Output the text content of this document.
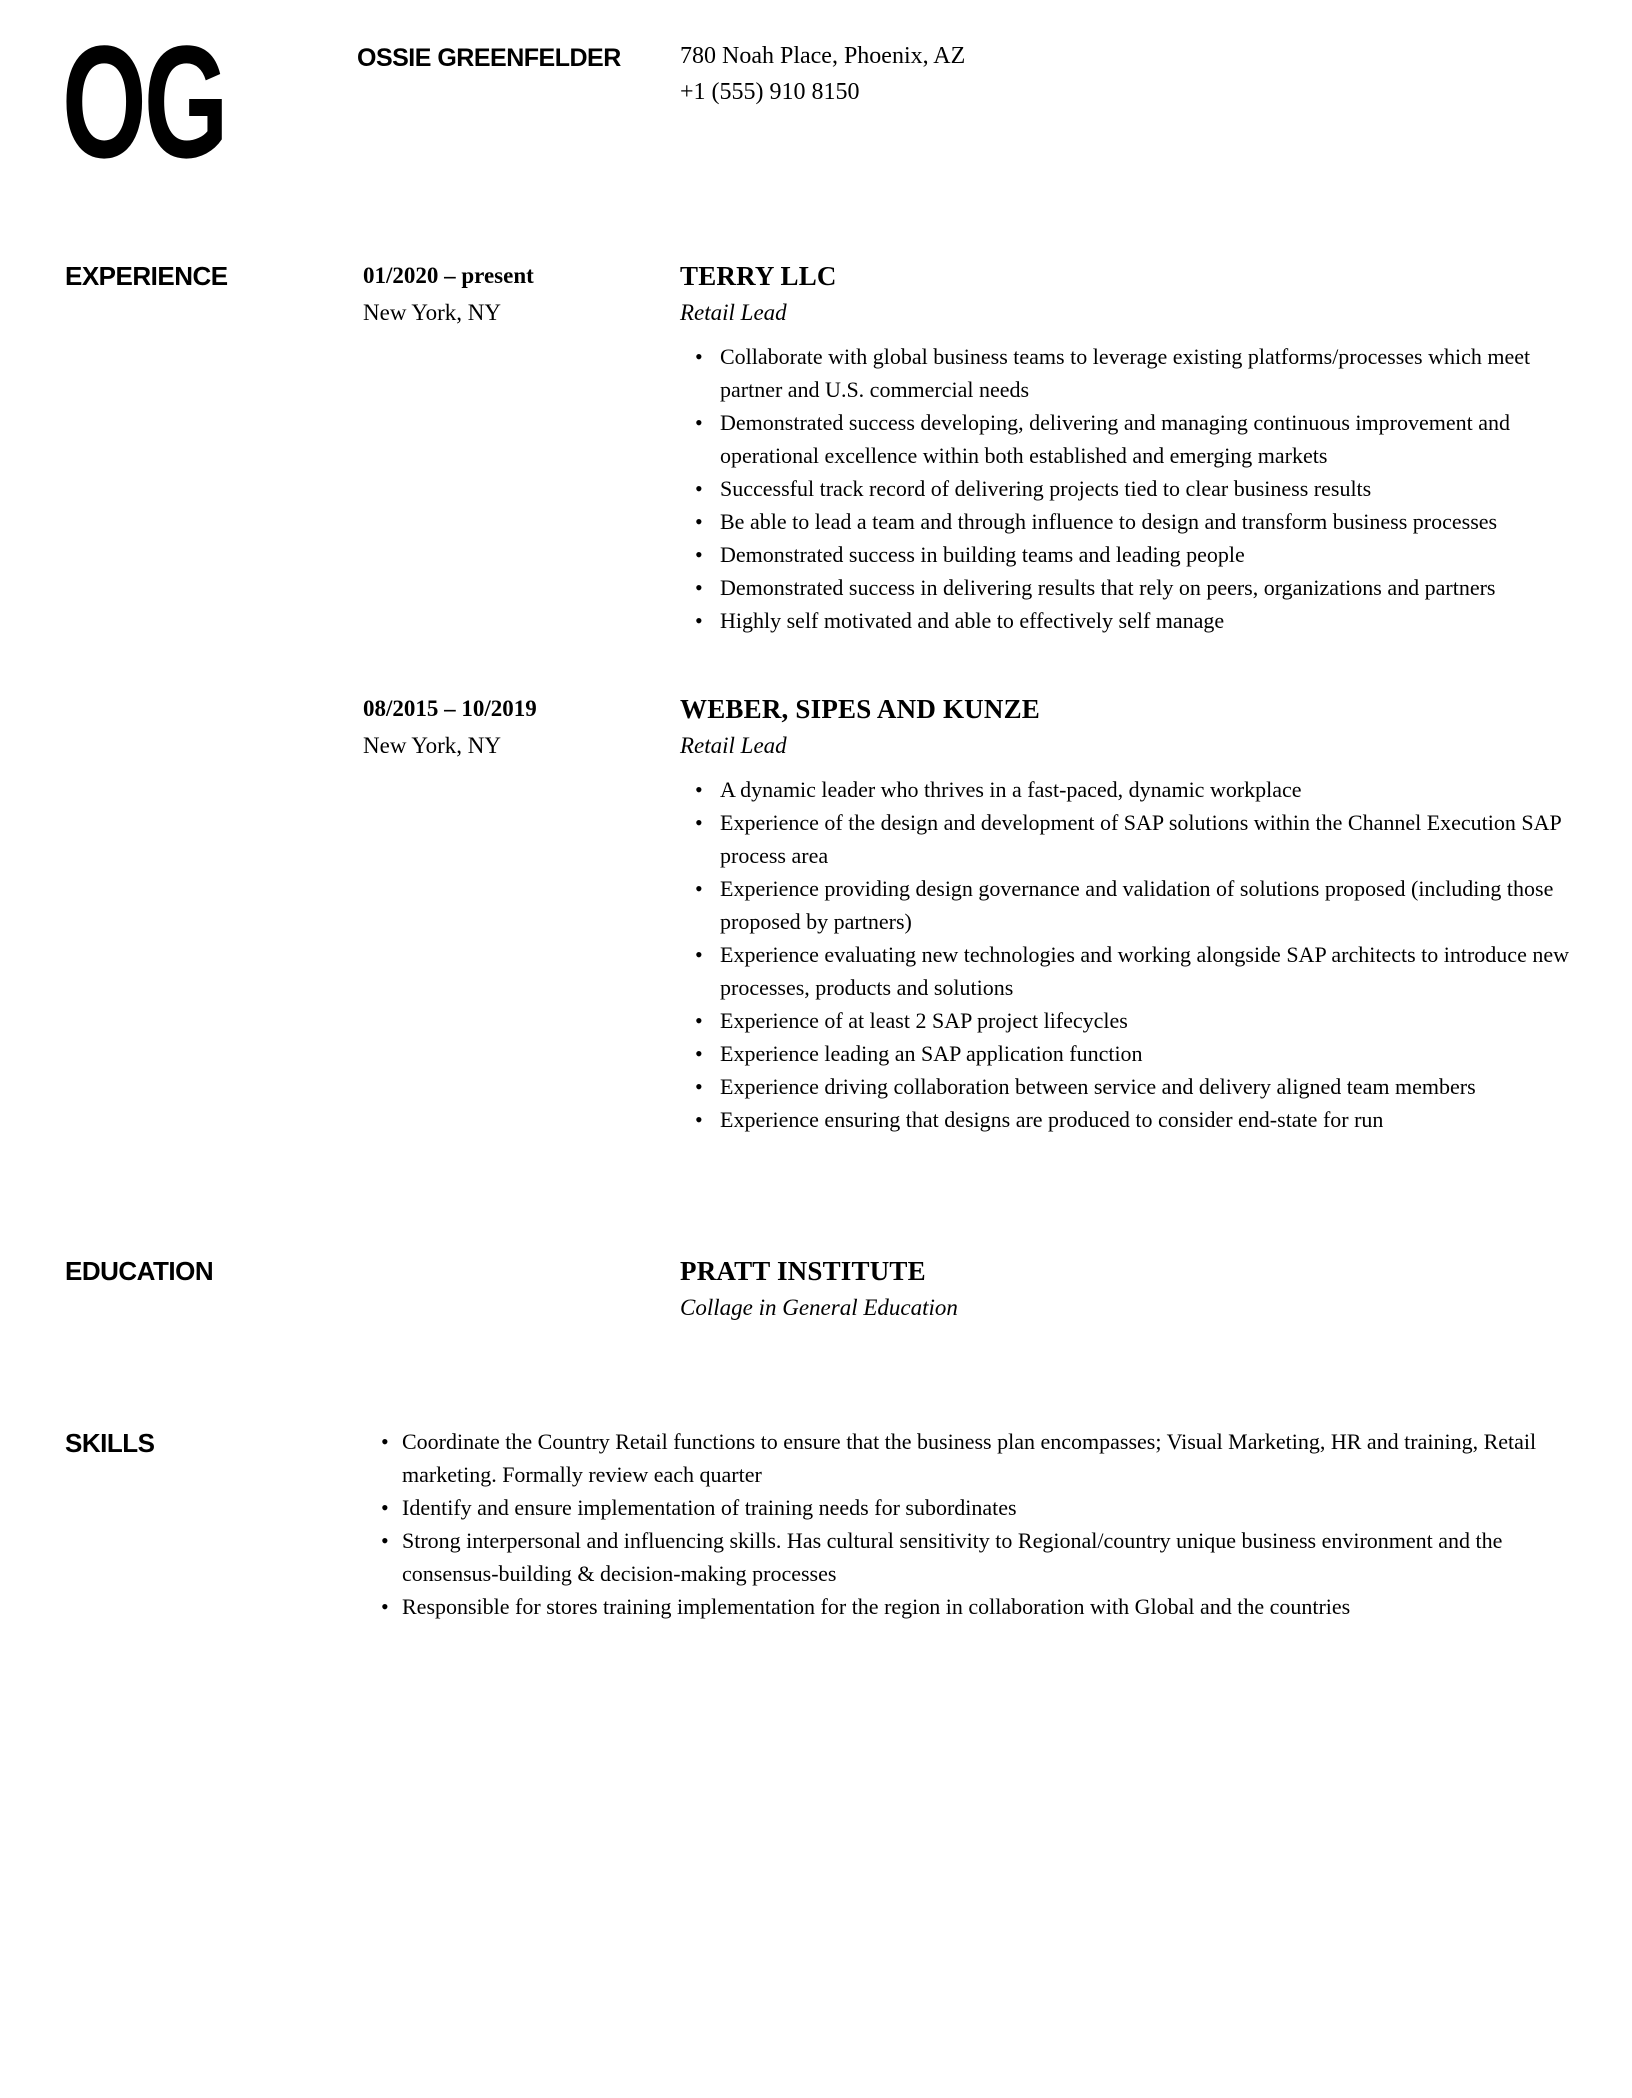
OG	OSSIE GREENFELDER 780 Noah Place, Phoenix, AZ
+1 (555) 910 8150
EXPERIENCE	01/2020 – present
New York, NY
TERRY LLC
Retail Lead
• Collaborate with global business teams to leverage existing platforms/processes which meet partner and U.S. commercial needs
• Demonstrated success developing, delivering and managing continuous improvement and operational excellence within both established and emerging markets
• Successful track record of delivering projects tied to clear business results
• Be able to lead a team and through influence to design and transform business processes
• Demonstrated success in building teams and leading people
• Demonstrated success in delivering results that rely on peers, organizations and partners
• Highly self motivated and able to effectively self manage
08/2015 – 10/2019
New York, NY
WEBER, SIPES AND KUNZE
Retail Lead
• A dynamic leader who thrives in a fast-paced, dynamic workplace
• Experience of the design and development of SAP solutions within the Channel Execution SAP process area
• Experience providing design governance and validation of solutions proposed (including those proposed by partners)
• Experience evaluating new technologies and working alongside SAP architects to introduce new processes, products and solutions
• Experience of at least 2 SAP project lifecycles
• Experience leading an SAP application function
• Experience driving collaboration between service and delivery aligned team members
• Experience ensuring that designs are produced to consider end-state for run
EDUCATION	PRATT INSTITUTE
Collage in General Education
SKILLS	• Coordinate the Country Retail functions to ensure that the business plan encompasses; Visual Marketing, HR and training, Retail marketing. Formally review each quarter
• Identify and ensure implementation of training needs for subordinates
• Strong interpersonal and influencing skills. Has cultural sensitivity to Regional/country unique business environment and the consensus-building & decision-making processes
• Responsible for stores training implementation for the region in collaboration with Global and the countries
